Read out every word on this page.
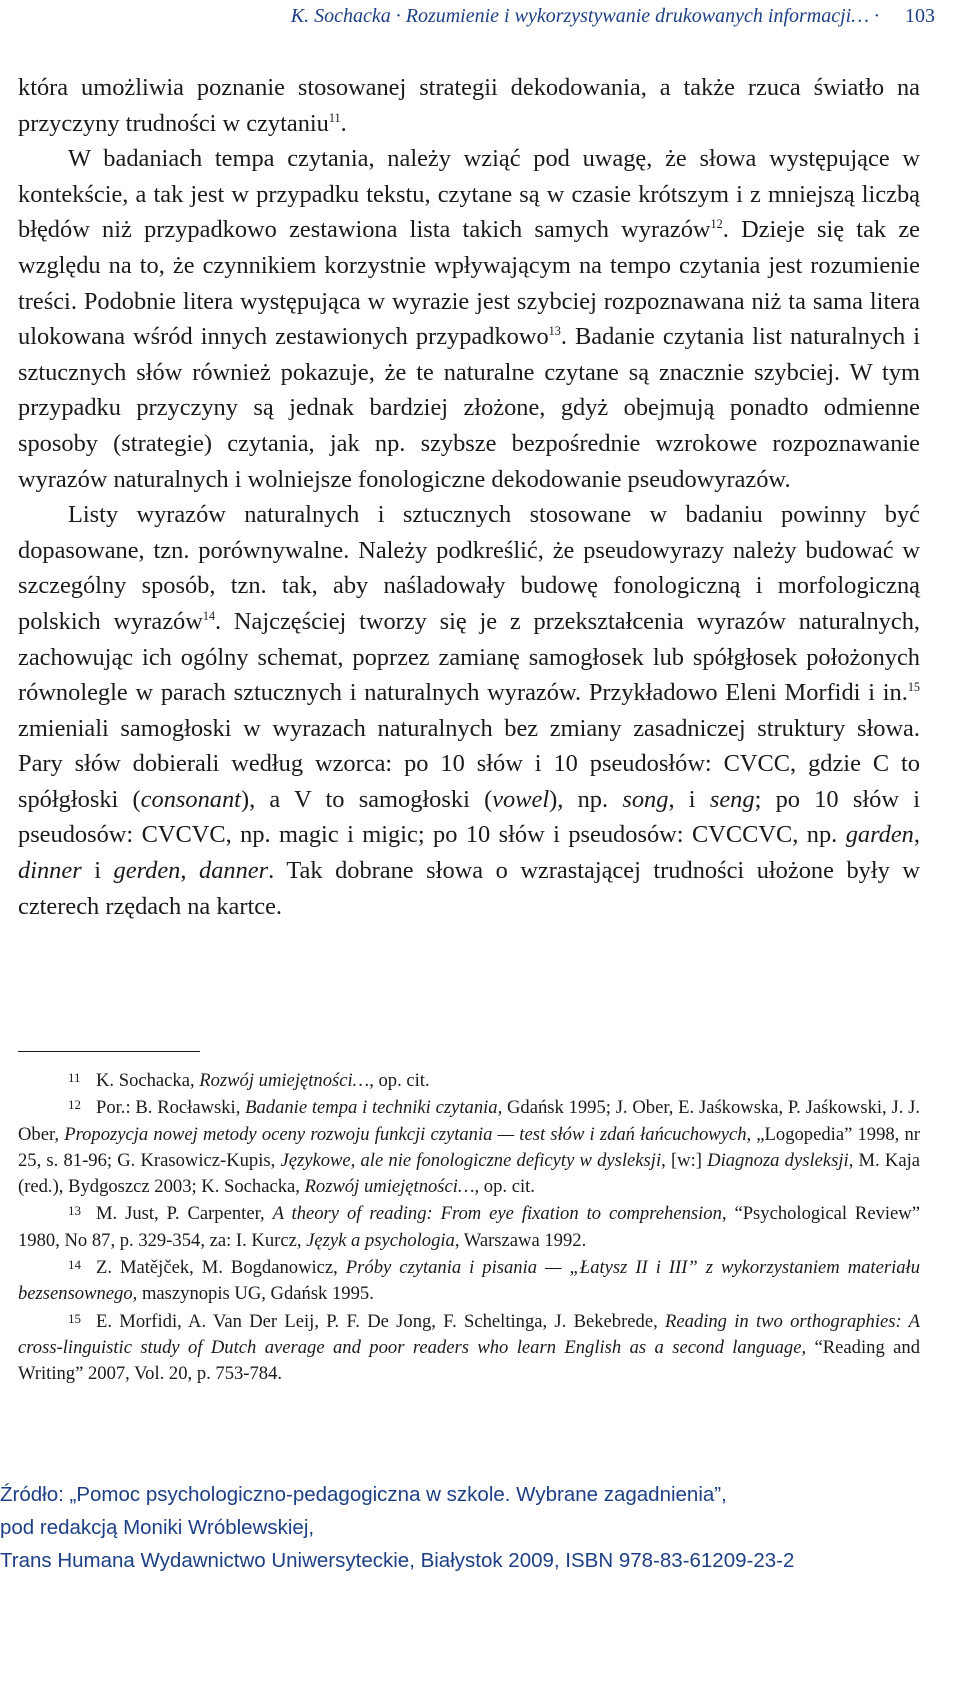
K. Sochacka · Rozumienie i wykorzystywanie drukowanych informacji… · 103

która umożliwia poznanie stosowanej strategii dekodowania, a także rzuca światło na przyczyny trudności w czytaniu$^{11}$.

W badaniach tempa czytania, należy wziąć pod uwagę, że słowa występujące w kontekście, a tak jest w przypadku tekstu, czytane są w czasie krótszym i z mniejszą liczbą błędów niż przypadkowo zestawiona lista takich samych wyrazów$^{12}$. Dzieje się tak ze względu na to, że czynnikiem korzystnie wpływającym na tempo czytania jest rozumienie treści. Podobnie litera występująca w wyrazie jest szybciej rozpoznawana niż ta sama litera ulokowana wśród innych zestawionych przypadkowo$^{13}$. Badanie czytania list naturalnych i sztucznych słów również pokazuje, że te naturalne czytane są znacznie szybciej. W tym przypadku przyczyny są jednak bardziej złożone, gdyż obejmują ponadto odmienne sposoby (strategie) czytania, jak np. szybsze bezpośrednie wzrokowe rozpoznawanie wyrazów naturalnych i wolniejsze fonologiczne dekodowanie pseudowyrazów.

Listy wyrazów naturalnych i sztucznych stosowane w badaniu powinny być dopasowane, tzn. porównywalne. Należy podkreślić, że pseudowyrazy należy budować w szczególny sposób, tzn. tak, aby naśladowały budowę fonologiczną i morfologiczną polskich wyrazów$^{14}$. Najczęściej tworzy się je z przekształcenia wyrazów naturalnych, zachowując ich ogólny schemat, poprzez zamianę samogłosek lub spółgłosek położonych równolegle w parach sztucznych i naturalnych wyrazów. Przykładowo Eleni Morfidi i in.$^{15}$ zmieniali samogłoski w wyrazach naturalnych bez zmiany zasadniczej struktury słowa. Pary słów dobierali według wzorca: po 10 słów i 10 pseudosłów: CVCC, gdzie C to spółgłoski (consonant), a V to samogłoski (vowel), np. song, i seng; po 10 słów i pseudosów: CVCVC, np. magic i migic; po 10 słów i pseudosów: CVCCVC, np. garden, dinner i gerden, danner. Tak dobrane słowa o wzrastającej trudności ułożone były w czterech rzędach na kartce.

11 K. Sochacka, Rozwój umiejętności…, op. cit.

12 Por.: B. Rocławski, Badanie tempa i techniki czytania, Gdańsk 1995; J. Ober, E. Jaśkowska, P. Jaśkowski, J. J. Ober, Propozycja nowej metody oceny rozwoju funkcji czytania — test słów i zdań łańcuchowych, „Logopedia” 1998, nr 25, s. 81-96; G. Krasowicz-Kupis, Językowe, ale nie fonologiczne deficyty w dysleksji, [w:] Diagnoza dysleksji, M. Kaja (red.), Bydgoszcz 2003; K. Sochacka, Rozwój umiejętności…, op. cit.

13 M. Just, P. Carpenter, A theory of reading: From eye fixation to comprehension, “Psychological Review” 1980, No 87, p. 329-354, za: I. Kurcz, Język a psychologia, Warszawa 1992.

14 Z. Matějček, M. Bogdanowicz, Próby czytania i pisania — „Łatysz II i III” z wykorzystaniem materiału bezsensownego, maszynopis UG, Gdańsk 1995.

15 E. Morfidi, A. Van Der Leij, P. F. De Jong, F. Scheltinga, J. Bekebrede, Reading in two orthographies: A cross-linguistic study of Dutch average and poor readers who learn English as a second language, “Reading and Writing” 2007, Vol. 20, p. 753-784.

Źródło: „Pomoc psychologiczno-pedagogiczna w szkole. Wybrane zagadnienia”,
pod redakcją Moniki Wróblewskiej,
Trans Humana Wydawnictwo Uniwersyteckie, Białystok 2009, ISBN 978-83-61209-23-2
